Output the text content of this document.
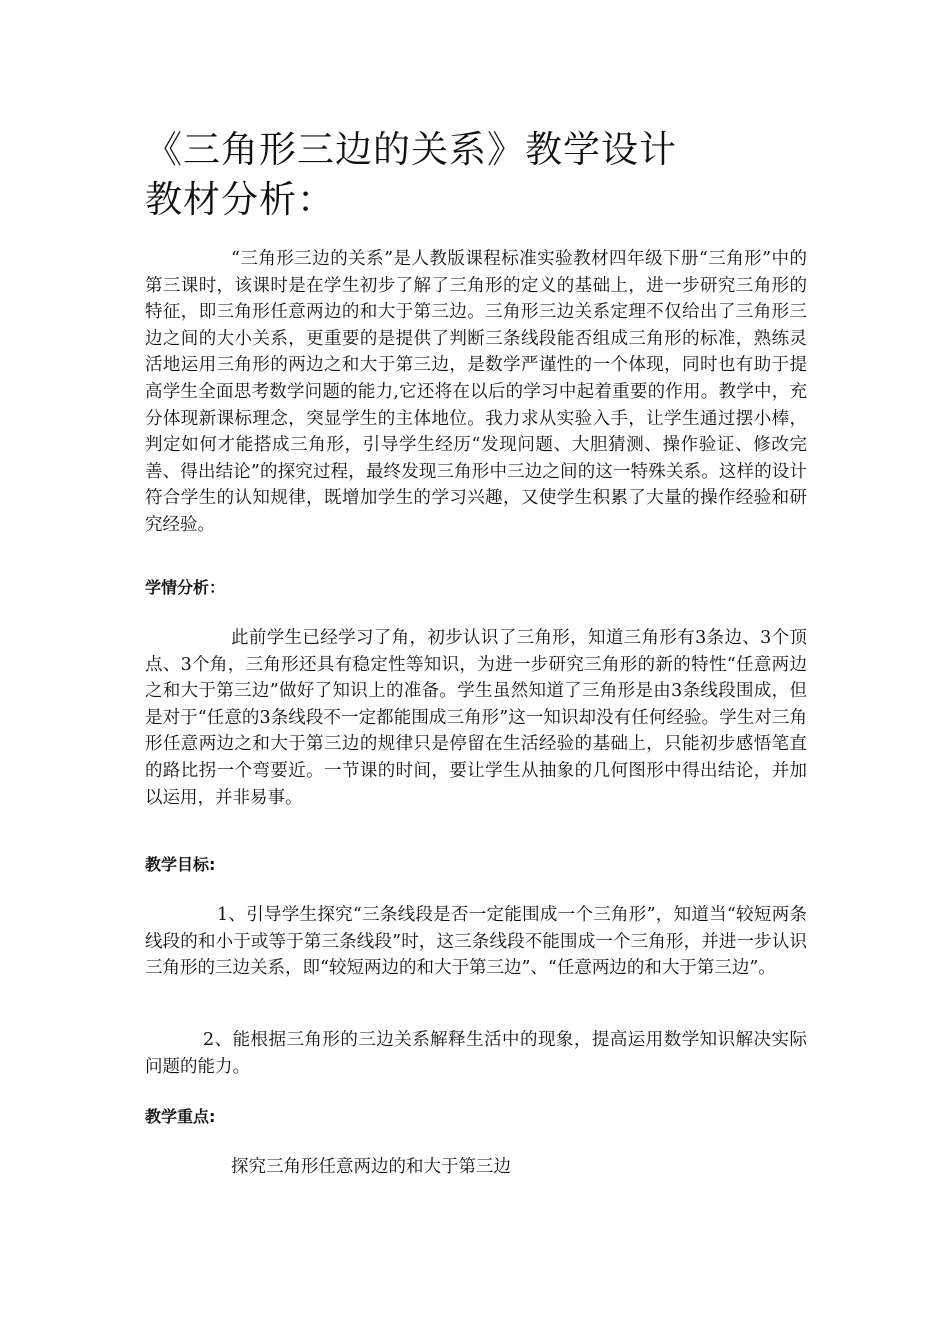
《三角形三边的关系》教学设计
教材分析：

“三角形三边的关系”是人教版课程标准实验教材四年级下册“三角形”中的第三课时，该课时是在学生初步了解了三角形的定义的基础上，进一步研究三角形的特征，即三角形任意两边的和大于第三边。三角形三边关系定理不仅给出了三角形三边之间的大小关系，更重要的是提供了判断三条线段能否组成三角形的标准，熟练灵活地运用三角形的两边之和大于第三边，是数学严谨性的一个体现，同时也有助于提高学生全面思考数学问题的能力,它还将在以后的学习中起着重要的作用。教学中，充分体现新课标理念，突显学生的主体地位。我力求从实验入手，让学生通过摆小棒，判定如何才能搭成三角形，引导学生经历“发现问题、大胆猜测、操作验证、修改完善、得出结论”的探究过程，最终发现三角形中三边之间的这一特殊关系。这样的设计符合学生的认知规律，既增加学生的学习兴趣，又使学生积累了大量的操作经验和研究经验。

学情分析：

此前学生已经学习了角，初步认识了三角形，知道三角形有3条边、3个顶点、3个角，三角形还具有稳定性等知识，为进一步研究三角形的新的特性“任意两边之和大于第三边”做好了知识上的准备。学生虽然知道了三角形是由3条线段围成，但是对于“任意的3条线段不一定都能围成三角形”这一知识却没有任何经验。学生对三角形任意两边之和大于第三边的规律只是停留在生活经验的基础上，只能初步感悟笔直的路比拐一个弯要近。一节课的时间，要让学生从抽象的几何图形中得出结论，并加以运用，并非易事。

教学目标:

1、引导学生探究“三条线段是否一定能围成一个三角形”，知道当“较短两条线段的和小于或等于第三条线段”时，这三条线段不能围成一个三角形，并进一步认识三角形的三边关系，即“较短两边的和大于第三边”、“任意两边的和大于第三边”。

2、能根据三角形的三边关系解释生活中的现象，提高运用数学知识解决实际问题的能力。

教学重点:

探究三角形任意两边的和大于第三边
